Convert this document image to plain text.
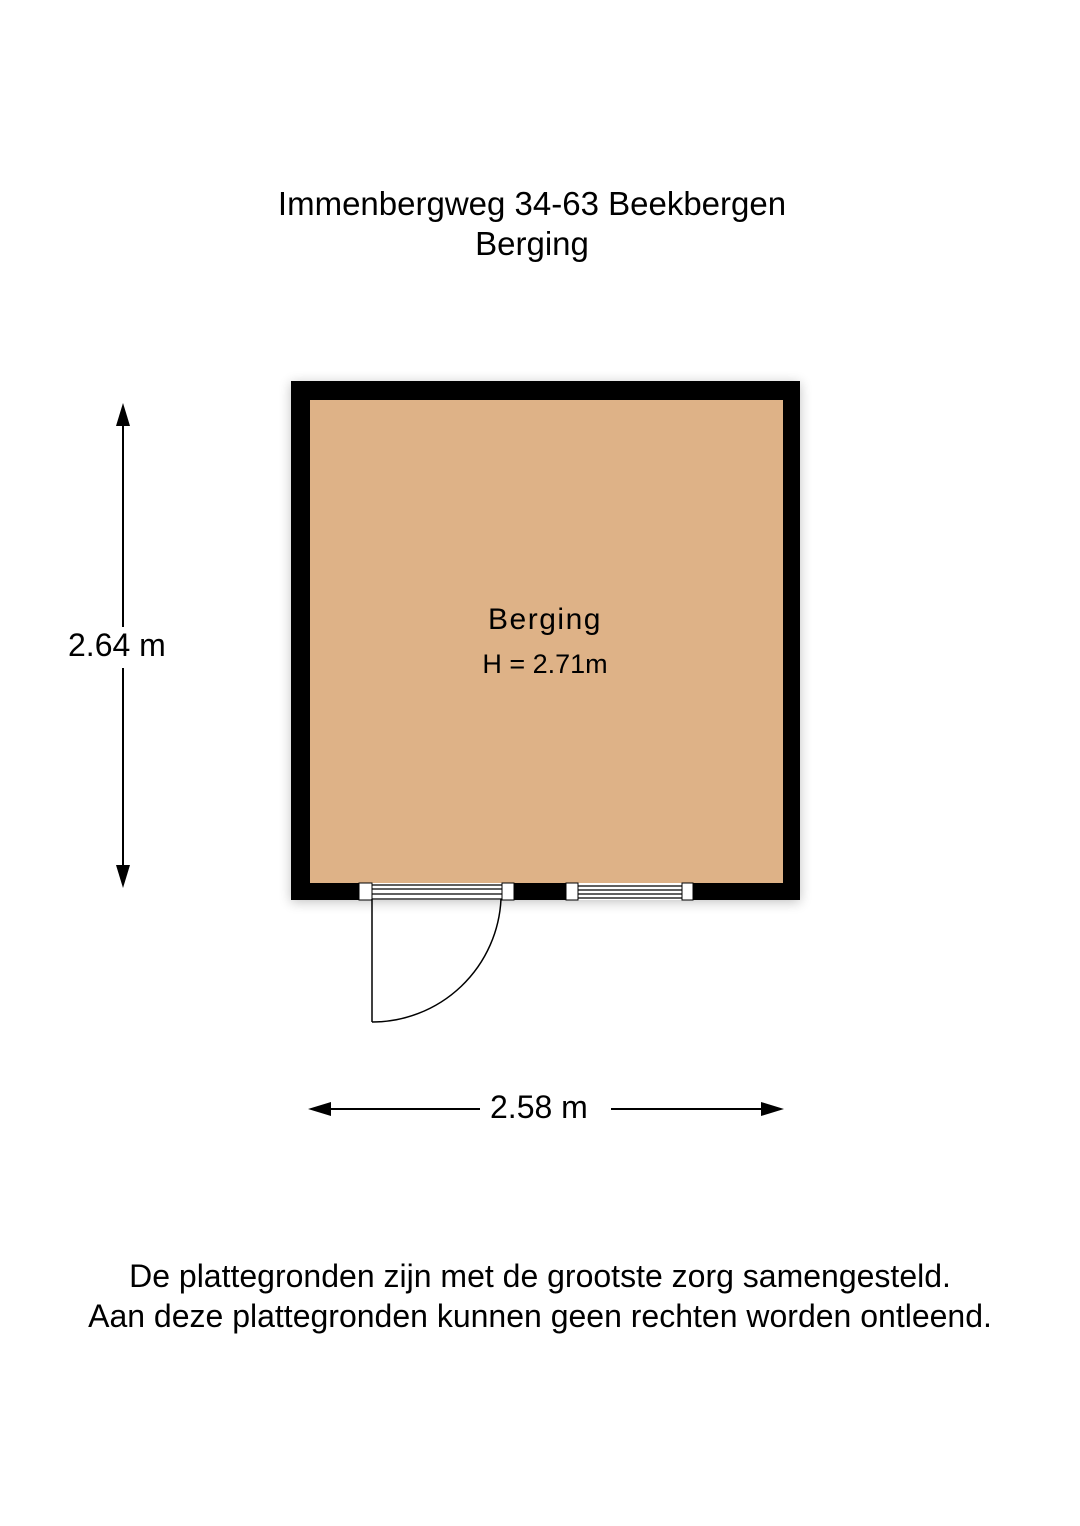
Immenbergweg 34-63 Beekbergen
Berging
Berging
H = 2.71m
2.64 m
2.58 m
De plattegronden zijn met de grootste zorg samengesteld.
Aan deze plattegronden kunnen geen rechten worden ontleend.
